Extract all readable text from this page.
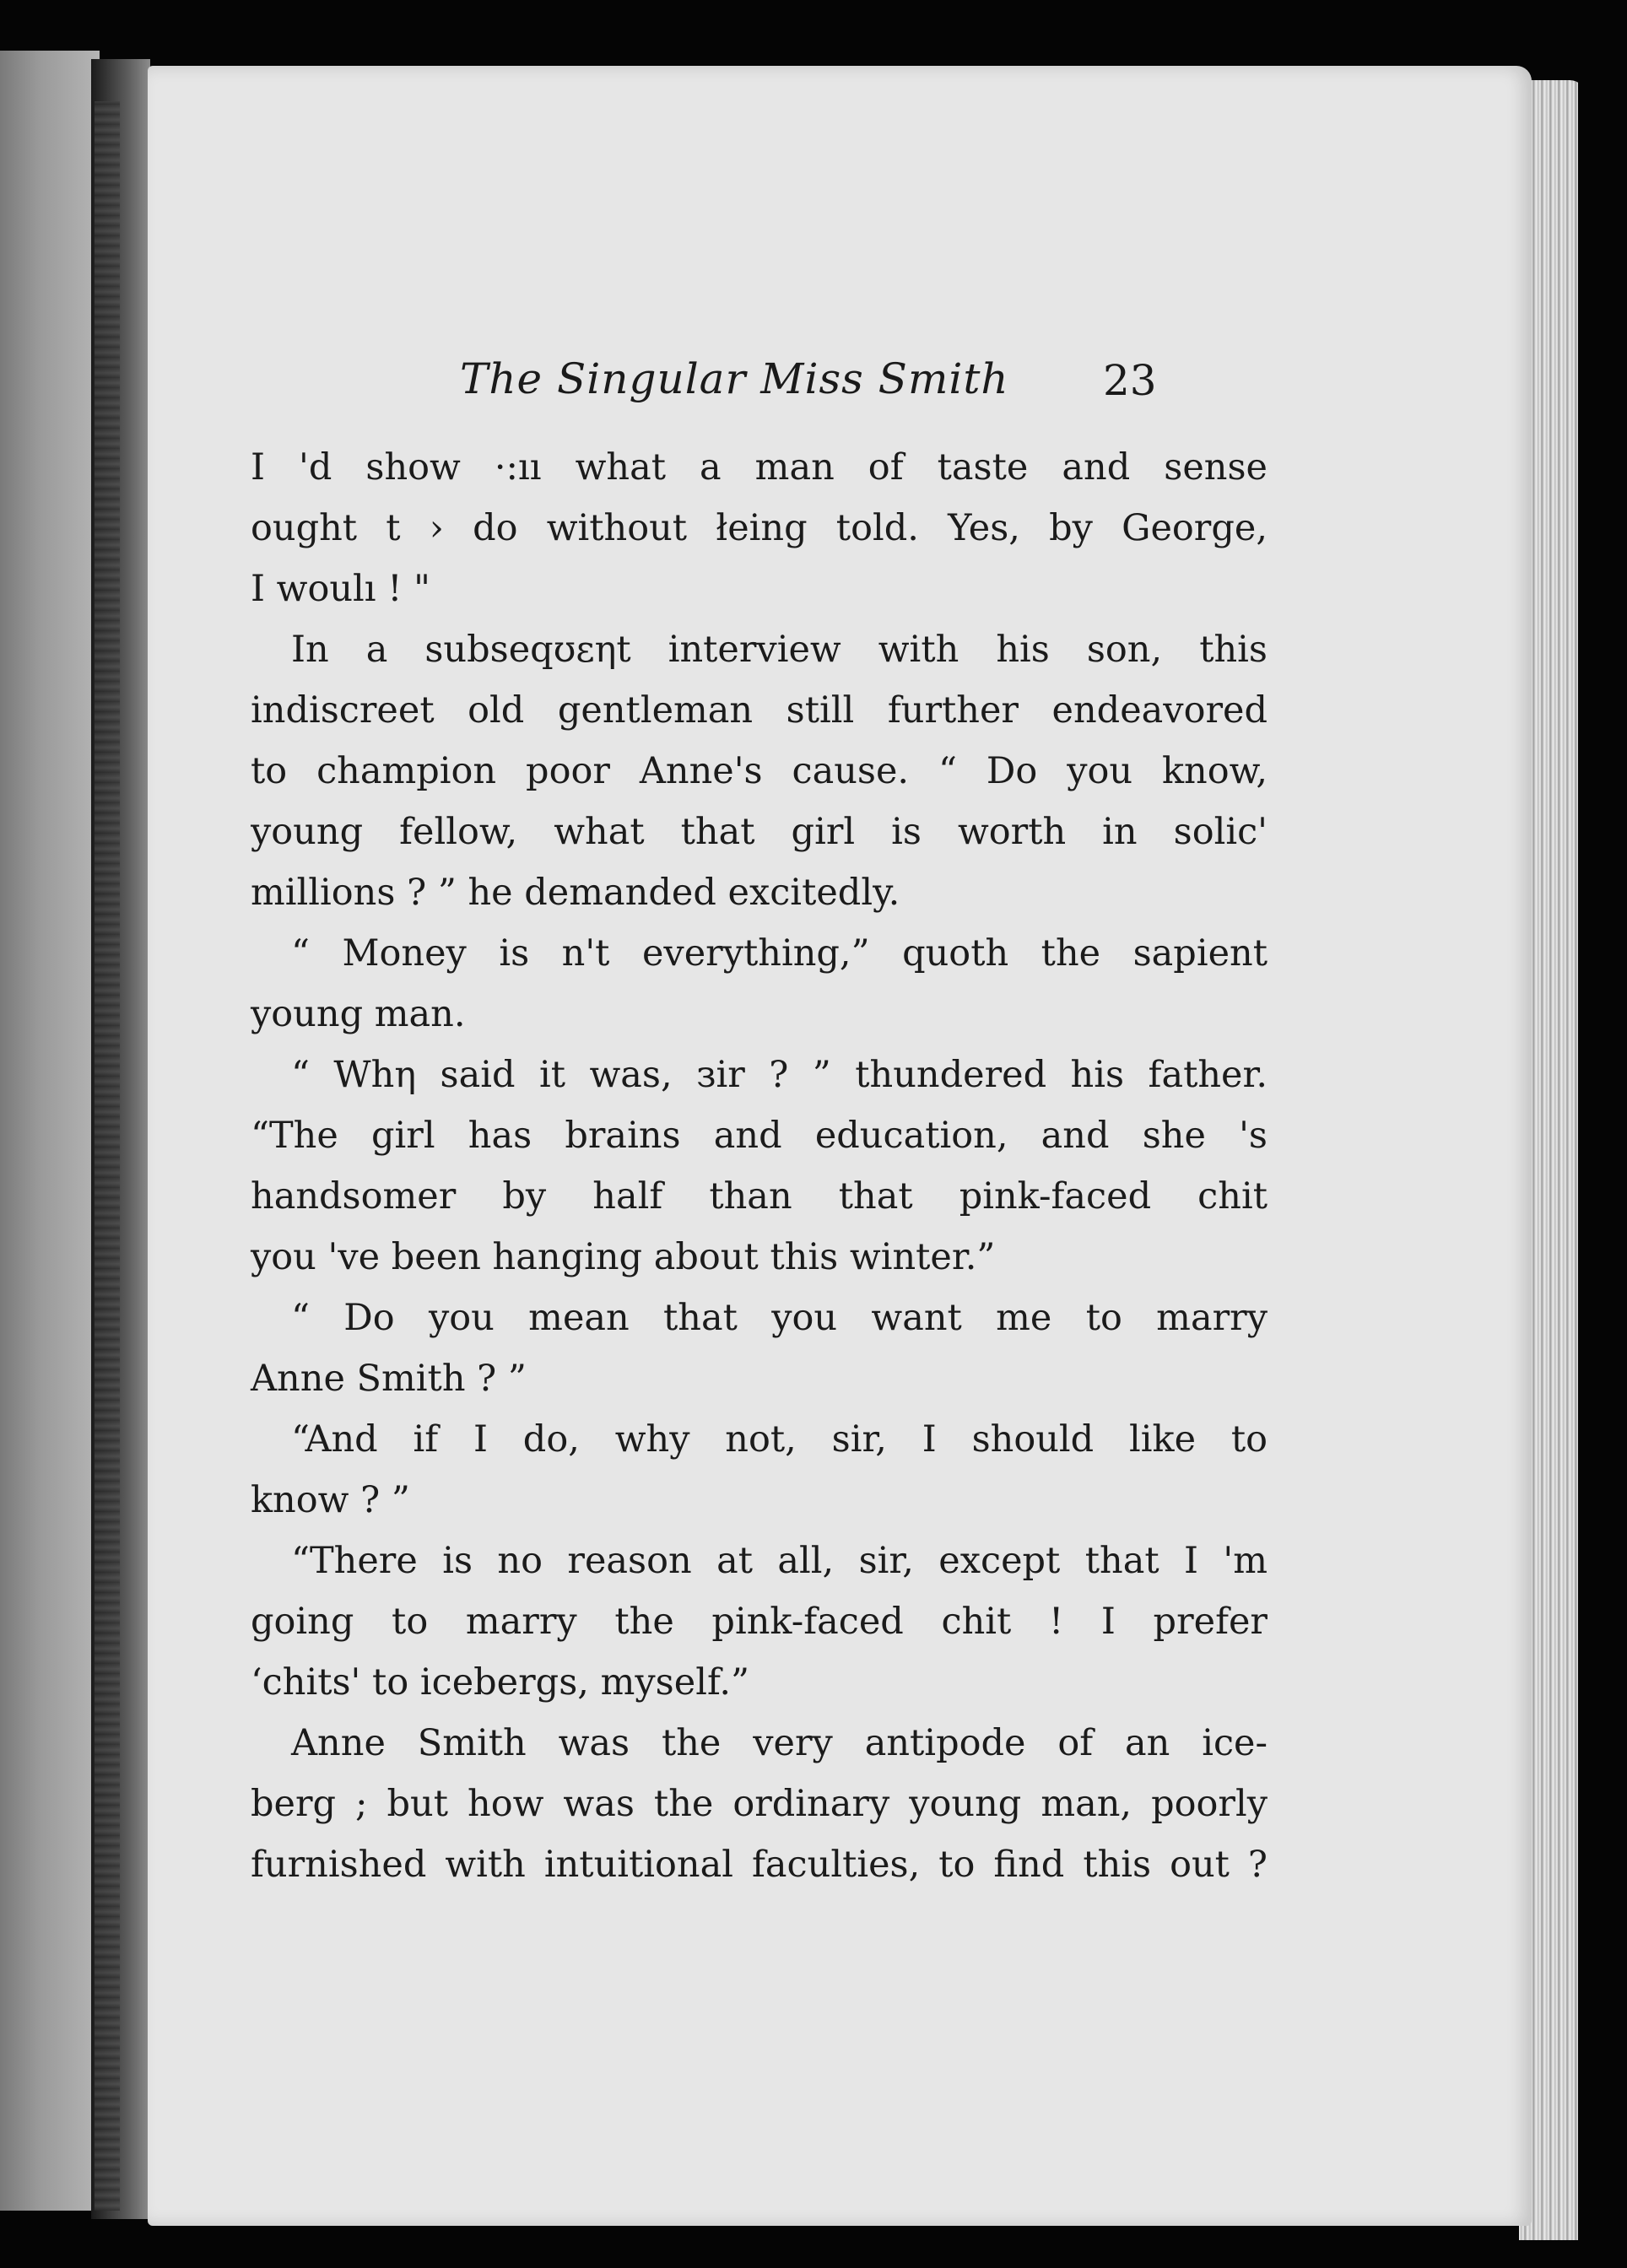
The Singular Miss Smith 23
I 'd show ·:ıı what a man of taste and sense
ought t › do without łeing told. Yes, by George,
I woulı ! "
In a subseqʊεηt interview with his son, this
indiscreet old gentleman still further endeavored
to champion poor Anne's cause. “ Do you know,
young fellow, what that girl is worth in soliс'
millions ? ” he demanded excitedly.
“ Money is n't everything,” quoth the sapient
young man.
“ Whη said it was, зir ? ” thundered his father.
“The girl has brains and education, and she 's
handsomer by half than that pink-faced chit
you 've been hanging about this winter.”
“ Do you mean that you want me to marry
Anne Smith ? ”
“And if I do, why not, sir, I should like to
know ? ”
“There is no reason at all, sir, except that I 'm
going to marry the pink-faced chit ! I prefer
‘chits' to icebergs, myself.”
Anne Smith was the very antipode of an ice-
berg ; but how was the ordinary young man, poorly
furnished with intuitional faculties, to find this out ?
